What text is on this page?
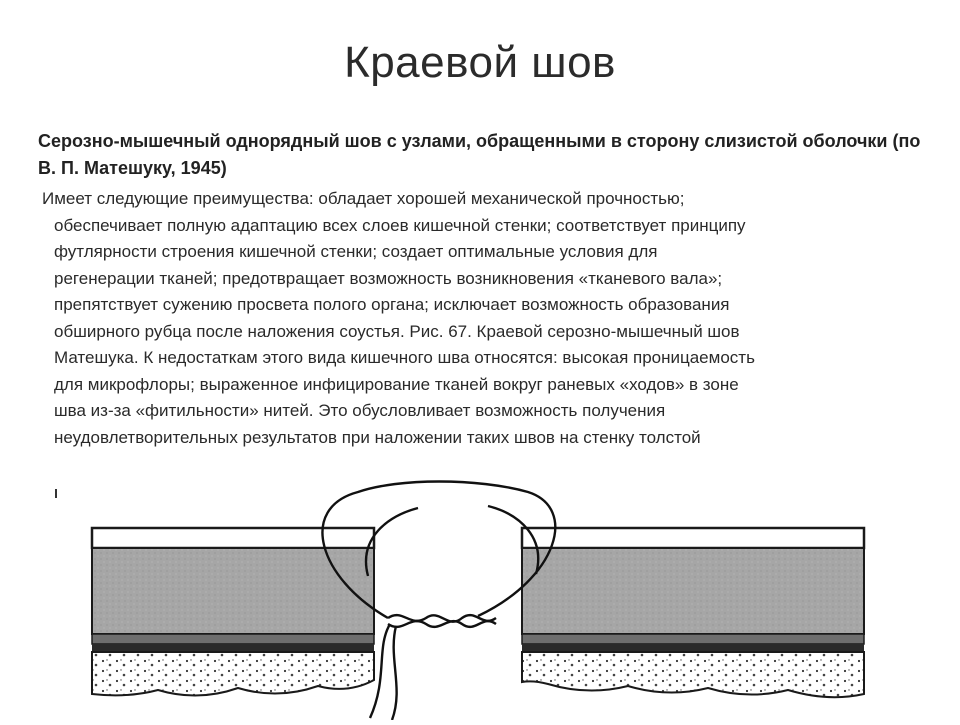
Краевой шов
Серозно-мышечный однорядный шов с узлами, обращенными в сторону слизистой оболочки (по В. П. Матешуку, 1945)
Имеет следующие преимущества: обладает хорошей механической прочностью;
обеспечивает полную адаптацию всех слоев кишечной стенки; соответствует принципу
футлярности строения кишечной стенки; создает оптимальные условия для
регенерации тканей; предотвращает возможность возникновения «тканевого вала»;
препятствует сужению просвета полого органа; исключает возможность образования
обширного рубца после наложения соустья. Рис. 67. Краевой серозно-мышечный шов
Матешука. К недостаткам этого вида кишечного шва относятся: высокая проницаемость
для микрофлоры; выраженное инфицирование тканей вокруг раневых «ходов» в зоне
шва из-за «фитильности» нитей. Это обусловливает возможность получения
неудовлетворительных результатов при наложении таких швов на стенку толстой
